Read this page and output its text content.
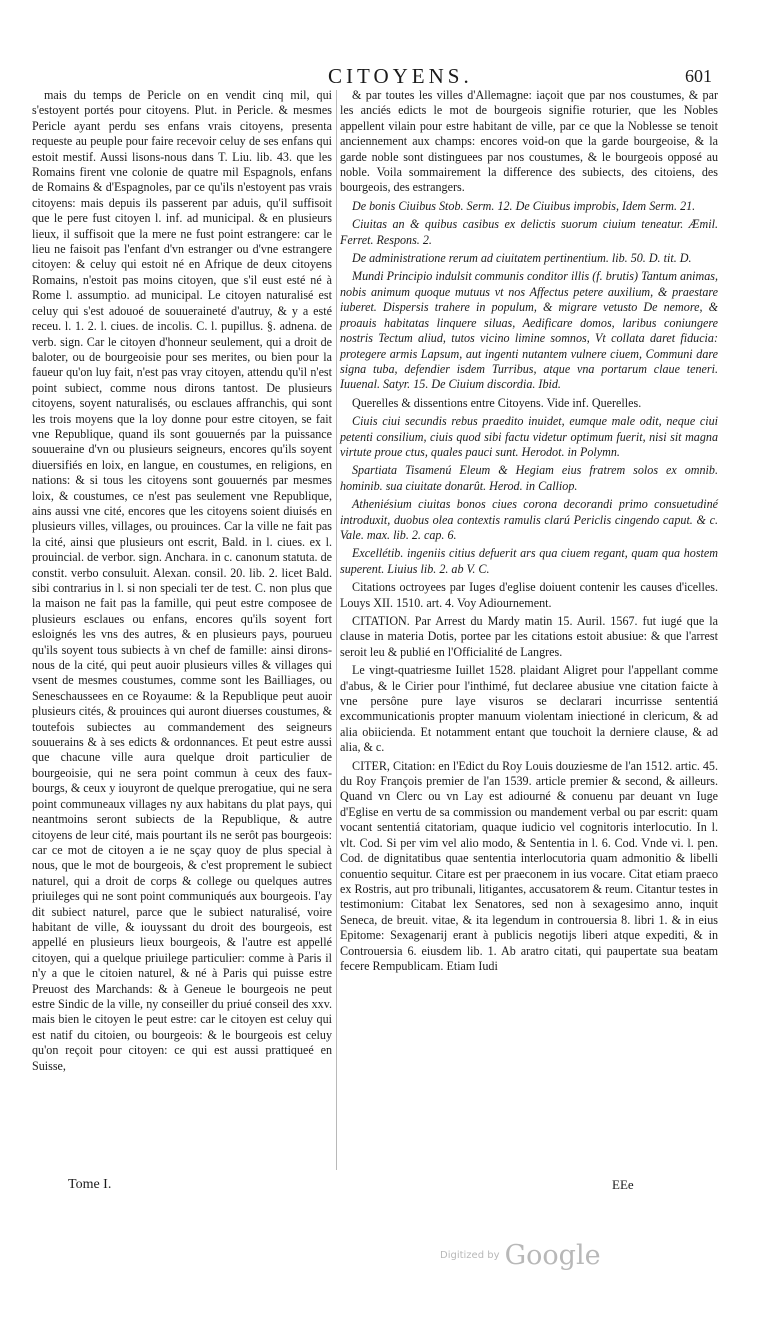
CITOYENS.	601

mais du temps de Pericle on en vendit cinq mil, qui s'estoyent portés pour citoyens. Plut. in Pericle. & mesmes Pericle ayant perdu ses enfans vrais citoyens, presenta requeste au peuple pour faire recevoir celuy de ses enfans qui estoit mestif. Aussi lisons-nous dans T. Liu. lib. 43. que les Romains firent vne colonie de quatre mil Espagnols, enfans de Romains & d'Espagnoles, par ce qu'ils n'estoyent pas vrais citoyens: mais depuis ils passerent par aduis, qu'il suffisoit que le pere fust citoyen l. inf. ad municipal. & en plusieurs lieux, il suffisoit que la mere ne fust point estrangere: car le lieu ne faisoit pas l'enfant d'vn estranger ou d'vne estrangere citoyen: & celuy qui estoit né en Afrique de deux citoyens Romains, n'estoit pas moins citoyen, que s'il eust esté né à Rome l. assumptio. ad municipal. Le citoyen naturalisé est celuy qui s'est adouoé de souueraineté d'autruy, & y a esté receu. l. 1. 2. l. ciues. de incolis. C. l. pupillus. §. adnena. de verb. sign. Car le citoyen d'honneur seulement, qui a droit de baloter, ou de bourgeoisie pour ses merites, ou bien pour la faueur qu'on luy fait, n'est pas vray citoyen, attendu qu'il n'est point subiect, comme nous dirons tantost. De plusieurs citoyens, soyent naturalisés, ou esclaues affranchis, qui sont les trois moyens que la loy donne pour estre citoyen, se fait vne Republique, quand ils sont gouuernés par la puissance souueraine d'vn ou plusieurs seigneurs, encores qu'ils soyent diuersifiés en loix, en langue, en coustumes, en religions, en nations: & si tous les citoyens sont gouuernés par mesmes loix, & coustumes, ce n'est pas seulement vne Republique, ains aussi vne cité, encores que les citoyens soient diuisés en plusieurs villes, villages, ou prouinces. Car la ville ne fait pas la cité, ainsi que plusieurs ont escrit, Bald. in l. ciues. ex l. prouincial. de verbor. sign. Anchara. in c. canonum statuta. de constit. verbo consuluit. Alexan. consil. 20. lib. 2. licet Bald. sibi contrarius in l. si non speciali ter de test. C. non plus que la maison ne fait pas la famille, qui peut estre composee de plusieurs esclaues ou enfans, encores qu'ils soyent fort esloignés les vns des autres, & en plusieurs pays, pourueu qu'ils soyent tous subiects à vn chef de famille: ainsi dirons-nous de la cité, qui peut auoir plusieurs villes & villages qui vsent de mesmes coustumes, comme sont les Bailliages, ou Seneschaussees en ce Royaume: & la Republique peut auoir plusieurs cités, & prouinces qui auront diuerses coustumes, & toutefois subiectes au commandement des seigneurs souuerains & à ses edicts & ordonnances. Et peut estre aussi que chacune ville aura quelque droit particulier de bourgeoisie, qui ne sera point commun à ceux des faux-bourgs, & ceux y iouyront de quelque prerogatiue, qui ne sera point communeaux villages ny aux habitans du plat pays, qui neantmoins seront subiects de la Republique, & autre citoyens de leur cité, mais pourtant ils ne serôt pas bourgeois: car ce mot de citoyen a ie ne sçay quoy de plus special à nous, que le mot de bourgeois, & c'est proprement le subiect naturel, qui a droit de corps & college ou quelques autres priuileges qui ne sont point communiqués aux bourgeois. I'ay dit subiect naturel, parce que le subiect naturalisé, voire habitant de ville, & iouyssant du droit des bourgeois, est appellé en plusieurs lieux bourgeois, & l'autre est appellé citoyen, qui a quelque priuilege particulier: comme à Paris il n'y a que le citoien naturel, & né à Paris qui puisse estre Preuost des Marchands: & à Geneue le bourgeois ne peut estre Sindic de la ville, ny conseiller du priué conseil des xxv. mais bien le citoyen le peut estre: car le citoyen est celuy qui est natif du citoien, ou bourgeois: & le bourgeois est celuy qu'on reçoit pour citoyen: ce qui est aussi prattiqueé en Suisse,

& par toutes les villes d'Allemagne: iaçoit que par nos coustumes, & par les anciés edicts le mot de bourgeois signifie roturier, que les Nobles appellent vilain pour estre habitant de ville, par ce que la Noblesse se tenoit anciennement aux champs: encores void-on que la garde bourgeoise, & la garde noble sont distinguees par nos coustumes, & le bourgeois opposé au noble. Voila sommairement la difference des subiects, des citoiens, des bourgeois, des estrangers.

De bonis Ciuibus Stob. Serm. 12. De Ciuibus improbis, Idem Serm. 21.

Ciuitas an & quibus casibus ex delictis suorum ciuium teneatur. Æmil. Ferret. Respons. 2.

De administratione rerum ad ciuitatem pertinentium. lib. 50. D. tit. D.

Mundi Principio indulsit communis conditor illis (f. brutis) Tantum animas, nobis animum quoque mutuus vt nos Affectus petere auxilium, & praestare iuberet. Dispersis trahere in populum, & migrare vetusto De nemore, & proauis habitatas linquere siluas, Aedificare domos, laribus coniungere nostris Tectum aliud, tutos vicino limine somnos, Vt collata daret fiducia: protegere armis Lapsum, aut ingenti nutantem vulnere ciuem, Communi dare signa tuba, defendier isdem Turribus, atque vna portarum claue teneri. Iuuenal. Satyr. 15. De Ciuium discordia. Ibid.

Querelles & dissentions entre Citoyens. Vide inf. Querelles.

Ciuis ciui secundis rebus praedito inuidet, eumque male odit, neque ciui petenti consilium, ciuis quod sibi factu videtur optimum fuerit, nisi sit magna virtute proue ctus, quales pauci sunt. Herodot. in Polymn.

Spartiata Tisamenú Eleum & Hegiam eius fratrem solos ex omnib. hominib. sua ciuitate donarût. Herod. in Calliop.

Atheniésium ciuitas bonos ciues corona decorandi primo consuetudiné introduxit, duobus olea contextis ramulis clarú Periclis cingendo caput. & c. Vale. max. lib. 2. cap. 6.

Excellétib. ingeniis citius defuerit ars qua ciuem regant, quam qua hostem superent. Liuius lib. 2. ab V. C.

Citations octroyees par Iuges d'eglise doiuent contenir les causes d'icelles. Louys XII. 1510. art. 4. Voy Adiournement.

CITATION. Par Arrest du Mardy matin 15. Auril. 1567. fut iugé que la clause in materia Dotis, portee par les citations estoit abusiue: & que l'arrest seroit leu & publié en l'Officialité de Langres.

Le vingt-quatriesme Iuillet 1528. plaidant Aligret pour l'appellant comme d'abus, & le Cirier pour l'inthimé, fut declaree abusiue vne citation faicte à vne persône pure laye visuros se declarari incurrisse sententiá excommunicationis propter manuum violentam iniectioné in clericum, & ad alia obiicienda. Et notamment entant que touchoit la derniere clause, & ad alia, & c.

CITER, Citation: en l'Edict du Roy Louis douziesme de l'an 1512. artic. 45. du Roy François premier de l'an 1539. article premier & second, & ailleurs. Quand vn Clerc ou vn Lay est adiourné & conuenu par deuant vn Iuge d'Eglise en vertu de sa commission ou mandement verbal ou par escrit: quam vocant sententiá citatoriam, quaque iudicio vel cognitoris interlocutio. In l. vlt. Cod. Si per vim vel alio modo, & Sententia in l. 6. Cod. Vnde vi. l. pen. Cod. de dignitatibus quae sententia interlocutoria quam admonitio & libelli conuentio sequitur. Citare est per praeconem in ius vocare. Citat etiam praeco ex Rostris, aut pro tribunali, litigantes, accusatorem & reum. Citantur testes in testimonium: Citabat lex Senatores, sed non à sexagesimo anno, inquit Seneca, de breuit. vitae, & ita legendum in controuersia 8. libri 1. & in eius Epitome: Sexagenarij erant à publicis negotijs liberi atque expediti, & in Controuersia 6. eiusdem lib. 1. Ab aratro citati, qui paupertate sua beatam fecere Rempublicam. Etiam Iudi

Tome I.	EEe
$^{Digitized by}$ Google
